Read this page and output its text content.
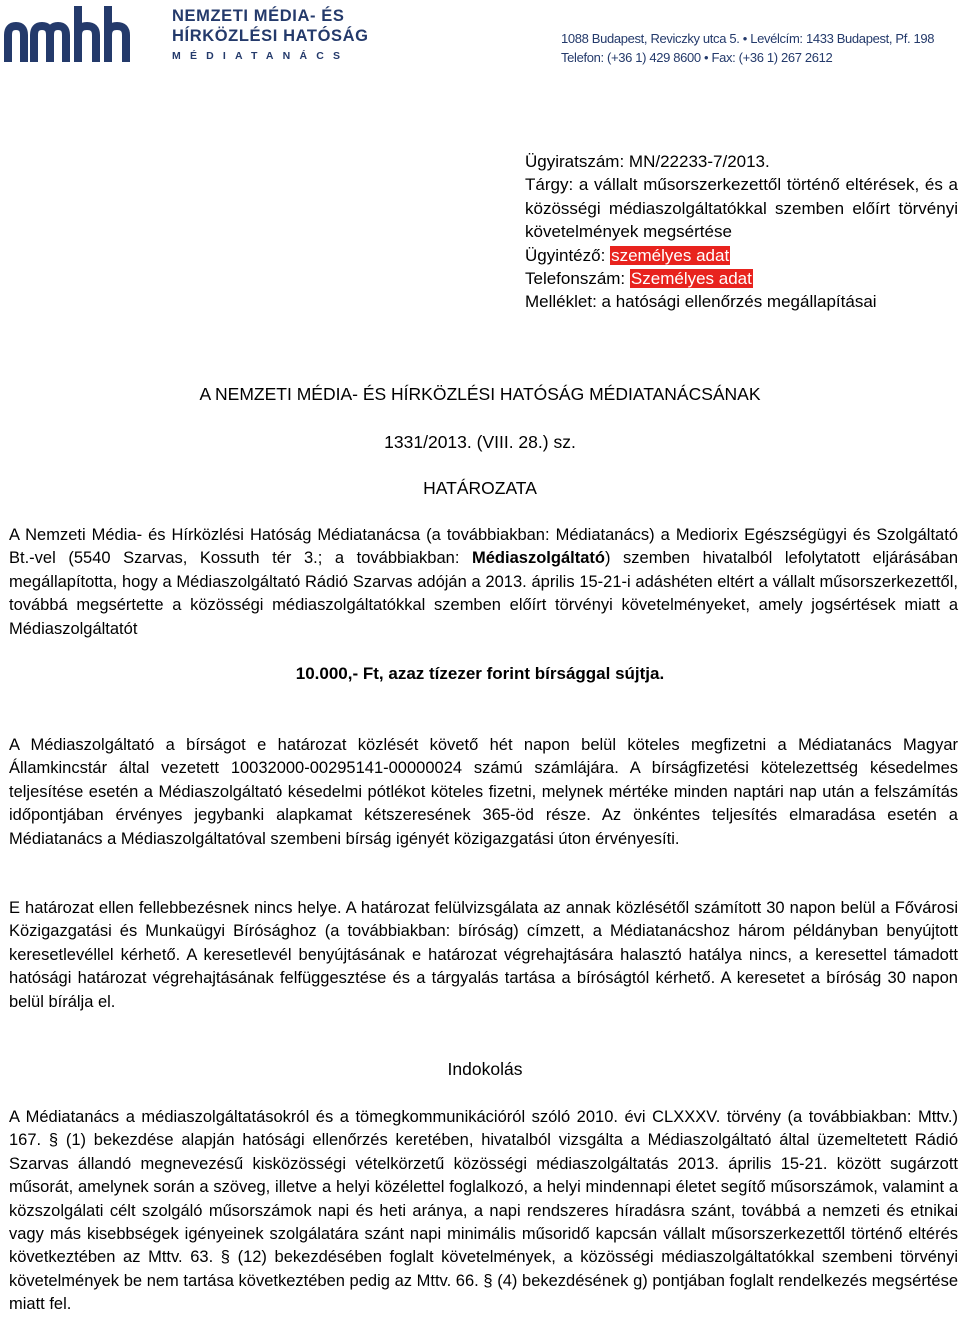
NEMZETI MÉDIA- ÉS
HÍRKÖZLÉSI HATÓSÁG
MÉDIATANÁCS
1088 Budapest, Reviczky utca 5. • Levélcím: 1433 Budapest, Pf. 198
Telefon: (+36 1) 429 8600 • Fax: (+36 1) 267 2612
Ügyiratszám: MN/22233-7/2013.
Tárgy: a vállalt műsorszerkezettől történő eltérések, és a közösségi médiaszolgáltatókkal szemben előírt törvényi követelmények megsértése
Ügyintéző: személyes adat
Telefonszám: Személyes adat
Melléklet: a hatósági ellenőrzés megállapításai
A NEMZETI MÉDIA- ÉS HÍRKÖZLÉSI HATÓSÁG MÉDIATANÁCSÁNAK
1331/2013. (VIII. 28.) sz.
HATÁROZATA
A Nemzeti Média- és Hírközlési Hatóság Médiatanácsa (a továbbiakban: Médiatanács) a Mediorix Egészségügyi és Szolgáltató Bt.-vel (5540 Szarvas, Kossuth tér 3.; a továbbiakban: Médiaszolgáltató) szemben hivatalból lefolytatott eljárásában megállapította, hogy a Médiaszolgáltató Rádió Szarvas adóján a 2013. április 15-21-i adáshéten eltért a vállalt műsorszerkezettől, továbbá megsértette a közösségi médiaszolgáltatókkal szemben előírt törvényi követelményeket, amely jogsértések miatt a Médiaszolgáltatót
10.000,- Ft, azaz tízezer forint bírsággal sújtja.
A Médiaszolgáltató a bírságot e határozat közlését követő hét napon belül köteles megfizetni a Médiatanács Magyar Államkincstár által vezetett 10032000-00295141-00000024 számú számlájára. A bírságfizetési kötelezettség késedelmes teljesítése esetén a Médiaszolgáltató késedelmi pótlékot köteles fizetni, melynek mértéke minden naptári nap után a felszámítás időpontjában érvényes jegybanki alapkamat kétszeresének 365-öd része. Az önkéntes teljesítés elmaradása esetén a Médiatanács a Médiaszolgáltatóval szembeni bírság igényét közigazgatási úton érvényesíti.
E határozat ellen fellebbezésnek nincs helye. A határozat felülvizsgálata az annak közlésétől számított 30 napon belül a Fővárosi Közigazgatási és Munkaügyi Bírósághoz (a továbbiakban: bíróság) címzett, a Médiatanácshoz három példányban benyújtott keresetlevéllel kérhető. A keresetlevél benyújtásának e határozat végrehajtására halasztó hatálya nincs, a keresettel támadott hatósági határozat végrehajtásának felfüggesztése és a tárgyalás tartása a bíróságtól kérhető. A keresetet a bíróság 30 napon belül bírálja el.
Indokolás
A Médiatanács a médiaszolgáltatásokról és a tömegkommunikációról szóló 2010. évi CLXXXV. törvény (a továbbiakban: Mttv.) 167. § (1) bekezdése alapján hatósági ellenőrzés keretében, hivatalból vizsgálta a Médiaszolgáltató által üzemeltetett Rádió Szarvas állandó megnevezésű kisközösségi vételkörzetű közösségi médiaszolgáltatás 2013. április 15-21. között sugárzott műsorát, amelynek során a szöveg, illetve a helyi közélettel foglalkozó, a helyi mindennapi életet segítő műsorszámok, valamint a közszolgálati célt szolgáló műsorszámok napi és heti aránya, a napi rendszeres híradásra szánt, továbbá a nemzeti és etnikai vagy más kisebbségek igényeinek szolgálatára szánt napi minimális műsoridő kapcsán vállalt műsorszerkezettől történő eltérés következtében az Mttv. 63. § (12) bekezdésében foglalt követelmények, a közösségi médiaszolgáltatókkal szembeni törvényi követelmények be nem tartása következtében pedig az Mttv. 66. § (4) bekezdésének g) pontjában foglalt rendelkezés megsértése miatt fel.
